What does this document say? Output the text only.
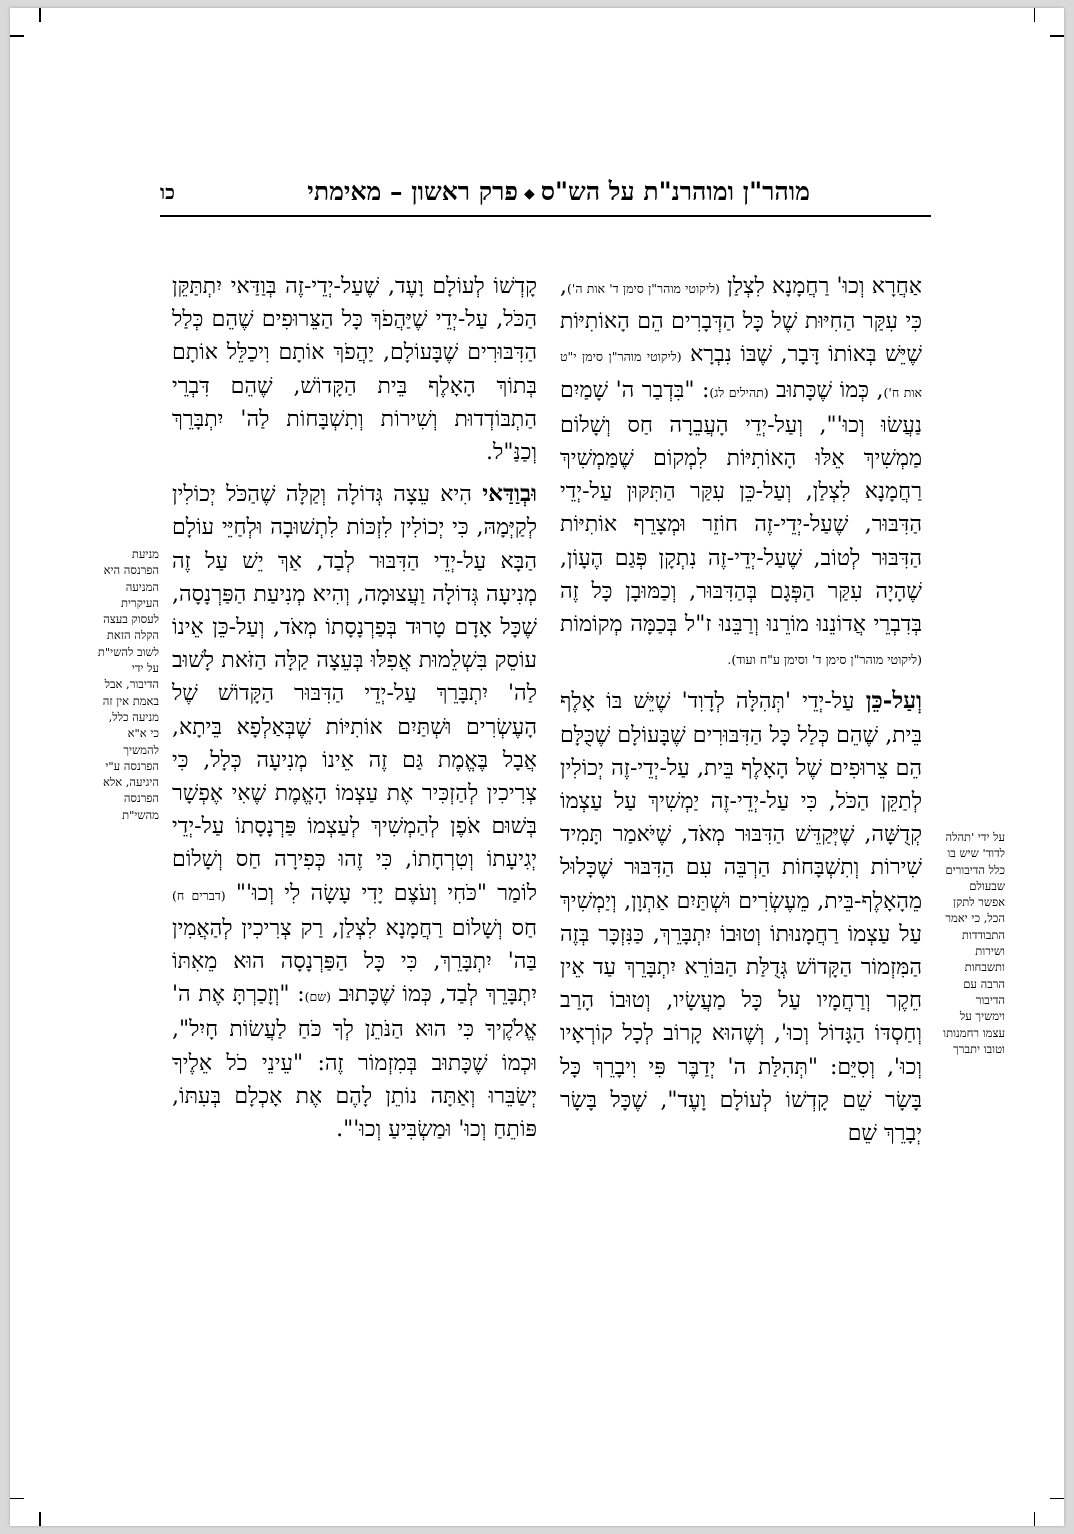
מוהר"ן ומוהרנ"ת על הש"ס◆פרק ראשון – מאימתי
כו

אַחֲרָא וְכוּ' רַחֲמָנָא לִצְלַן (ליקוטי מוהר"ן סימן ד' אות ה'), כִּי עִקַּר הַחִיּוּת שֶׁל כָּל הַדְּבָרִים הֵם הָאוֹתִיּוֹת שֶׁיֵּשׁ בְּאוֹתוֹ דָּבָר, שֶׁבּוֹ נִבְרָא (ליקוטי מוהר"ן סימן י"ט אות ח'), כְּמוֹ שֶׁכָּתוּב (תהילים לג): "בִּדְבַר ה' שָׁמַיִם נַעֲשׂוּ וְכוּ'", וְעַל-יְדֵי הָעֲבֵרָה חַס וְשָׁלוֹם מַמְשִׁיךְ אֵלּוּ הָאוֹתִיּוֹת לִמְקוֹם שֶׁמַּמְשִׁיךְ רַחֲמָנָא לִצְלַן, וְעַל-כֵּן עִקַּר הַתִּקּוּן עַל-יְדֵי הַדִּבּוּר, שֶׁעַל-יְדֵי-זֶה חוֹזֵר וּמְצָרֵף אוֹתִיּוֹת הַדִּבּוּר לְטוֹב, שֶׁעַל-יְדֵי-זֶה נִתְקָן פְּגַם הֶעָוֹן, שֶׁהָיָה עִקַּר הַפְּגָם בְּהַדִּבּוּר, וְכַמּוּבָן כָּל זֶה בְּדִבְרֵי אֲדוֹנֵנוּ מוֹרֵנוּ וְרַבֵּנוּ ז"ל בְּכַמָּה מְקוֹמוֹת (ליקוטי מוהר"ן סימן ד' וסימן ע"ח ועוד).

וְעַל-כֵּן עַל-יְדֵי 'תְּהִלָּה לְדָוִד' שֶׁיֵּשׁ בּוֹ אָלֶף בֵּית, שֶׁהֵם כְּלַל כָּל הַדִּבּוּרִים שֶׁבָּעוֹלָם שֶׁכֻּלָּם הֵם צֵרוּפִים שֶׁל הָאָלֶף בֵּית, עַל-יְדֵי-זֶה יְכוֹלִין לְתַקֵּן הַכֹּל, כִּי עַל-יְדֵי-זֶה יַמְשִׁיךְ עַל עַצְמוֹ קְדֻשָּׁה, שֶׁיְּקַדֵּשׁ הַדִּבּוּר מְאֹד, שֶׁיֹּאמַר תָּמִיד שִׁירוֹת וְתִשְׁבָּחוֹת הַרְבֵּה עִם הַדִּבּוּר שֶׁכָּלוּל מֵהָאָלֶף-בֵּית, מֵעֶשְׂרִים וּשְׁתַּיִם אַתְוָן, וְיַמְשִׁיךְ עַל עַצְמוֹ רַחֲמָנוּתוֹ וְטוּבוֹ יִתְבָּרֵךְ, כַּנִּזְכָּר בְּזֶה הַמִּזְמוֹר הַקָּדוֹשׁ גְּדֻלַּת הַבּוֹרֵא יִתְבָּרֵךְ עַד אֵין חֵקֶר וְרַחֲמָיו עַל כָּל מַעֲשָׂיו, וְטוּבוֹ הָרַב וְחַסְדּוֹ הַגָּדוֹל וְכוּ', וְשֶׁהוּא קָרוֹב לְכָל קוֹרְאָיו וְכוּ', וְסִיֵּם: "תְּהִלַּת ה' יְדַבֶּר פִּי וִיבָרֵךְ כָּל בָּשָׂר שֵׁם קָדְשׁוֹ לְעוֹלָם וָעֶד", שֶׁכָּל בָּשָׂר יְבָרֵךְ שֵׁם

קָדְשׁוֹ לְעוֹלָם וָעֶד, שֶׁעַל-יְדֵי-זֶה בְּוַדַּאי יִתְתַּקֵּן הַכֹּל, עַל-יְדֵי שֶׁיַּהֲפֹךְ כָּל הַצֵּרוּפִים שֶׁהֵם כְּלַל הַדִּבּוּרִים שֶׁבָּעוֹלָם, יַהֲפֹךְ אוֹתָם וִיכַלֵּל אוֹתָם בְּתוֹךְ הָאָלֶף בֵּית הַקָּדוֹשׁ, שֶׁהֵם דִּבְרֵי הַתְבּוֹדְדוּת וְשִׁירוֹת וְתִשְׁבָּחוֹת לַה' יִתְבָּרֵךְ וְכַנַּ"ל.

וּבְוַדַּאי הִיא עֵצָה גְּדוֹלָה וְקַלָּה שֶׁהַכֹּל יְכוֹלִין לְקַיְּמָהּ, כִּי יְכוֹלִין לִזְכּוֹת לִתְשׁוּבָה וּלְחַיֵּי עוֹלָם הַבָּא עַל-יְדֵי הַדִּבּוּר לְבַד, אַךְ יֵשׁ עַל זֶה מְנִיעָה גְּדוֹלָה וַעֲצוּמָה, וְהִיא מְנִיעַת הַפַּרְנָסָה, שֶׁכָּל אָדָם טָרוּד בְּפַרְנָסָתוֹ מְאֹד, וְעַל-כֵּן אֵינוֹ עוֹסֵק בִּשְׁלֵמוּת אֲפִלּוּ בְּעֵצָה קַלָּה הַזֹּאת לָשׁוּב לַה' יִתְבָּרֵךְ עַל-יְדֵי הַדִּבּוּר הַקָּדוֹשׁ שֶׁל הָעֶשְׂרִים וּשְׁתַּיִם אוֹתִיּוֹת שֶׁבְּאַלְפָא בֵּיתָא, אֲבָל בֶּאֱמֶת גַּם זֶה אֵינוֹ מְנִיעָה כְּלָל, כִּי צְרִיכִין לְהַזְכִּיר אֶת עַצְמוֹ הָאֱמֶת שֶׁאִי אֶפְשָׁר בְּשׁוּם אֹפֶן לְהַמְשִׁיךְ לְעַצְמוֹ פַּרְנָסָתוֹ עַל-יְדֵי יְגִיעָתוֹ וְטִרְחָתוֹ, כִּי זֶהוּ כְּפִירָה חַס וְשָׁלוֹם לוֹמַר "כֹּחִי וְעֹצֶם יָדִי עָשָׂה לִי וְכוּ'" (דברים ח) חַס וְשָׁלוֹם רַחֲמָנָא לִצְלַן, רַק צְרִיכִין לְהַאֲמִין בַּה' יִתְבָּרֵךְ, כִּי כָּל הַפַּרְנָסָה הוּא מֵאִתּוֹ יִתְבָּרֵךְ לְבַד, כְּמוֹ שֶׁכָּתוּב (שם): "וְזָכַרְתָּ אֶת ה' אֱלֹקֶיךָ כִּי הוּא הַנֹּתֵן לְךָ כֹּחַ לַעֲשׂוֹת חָיִל", וּכְמוֹ שֶׁכָּתוּב בְּמִזְמוֹר זֶה: "עֵינֵי כֹל אֵלֶיךָ יְשַׂבֵּרוּ וְאַתָּה נוֹתֵן לָהֶם אֶת אָכְלָם בְּעִתּוֹ, פּוֹתֵחַ וְכוּ' וּמַשְׂבִּיעַ וְכוּ'".

על ידי 'תהלה לדוד' שיש בו כלל הדיבורים שבעולם אפשר לתקן הכל, כי יאמר התבודדות ושירות ותשבחות הרבה עם הדיבור וימשיך על עצמו רחמנותו וטובו יתברך
מניעת הפרנסה היא המניעה העיקרית לעסוק בעצה הקלה הזאת לשוב להשי"ת על ידי הדיבור, אבל באמת אין זה מניעה כלל, כי א"א להמשיך הפרנסה ע"י היגיעה, אלא הפרנסה מהשי"ת
